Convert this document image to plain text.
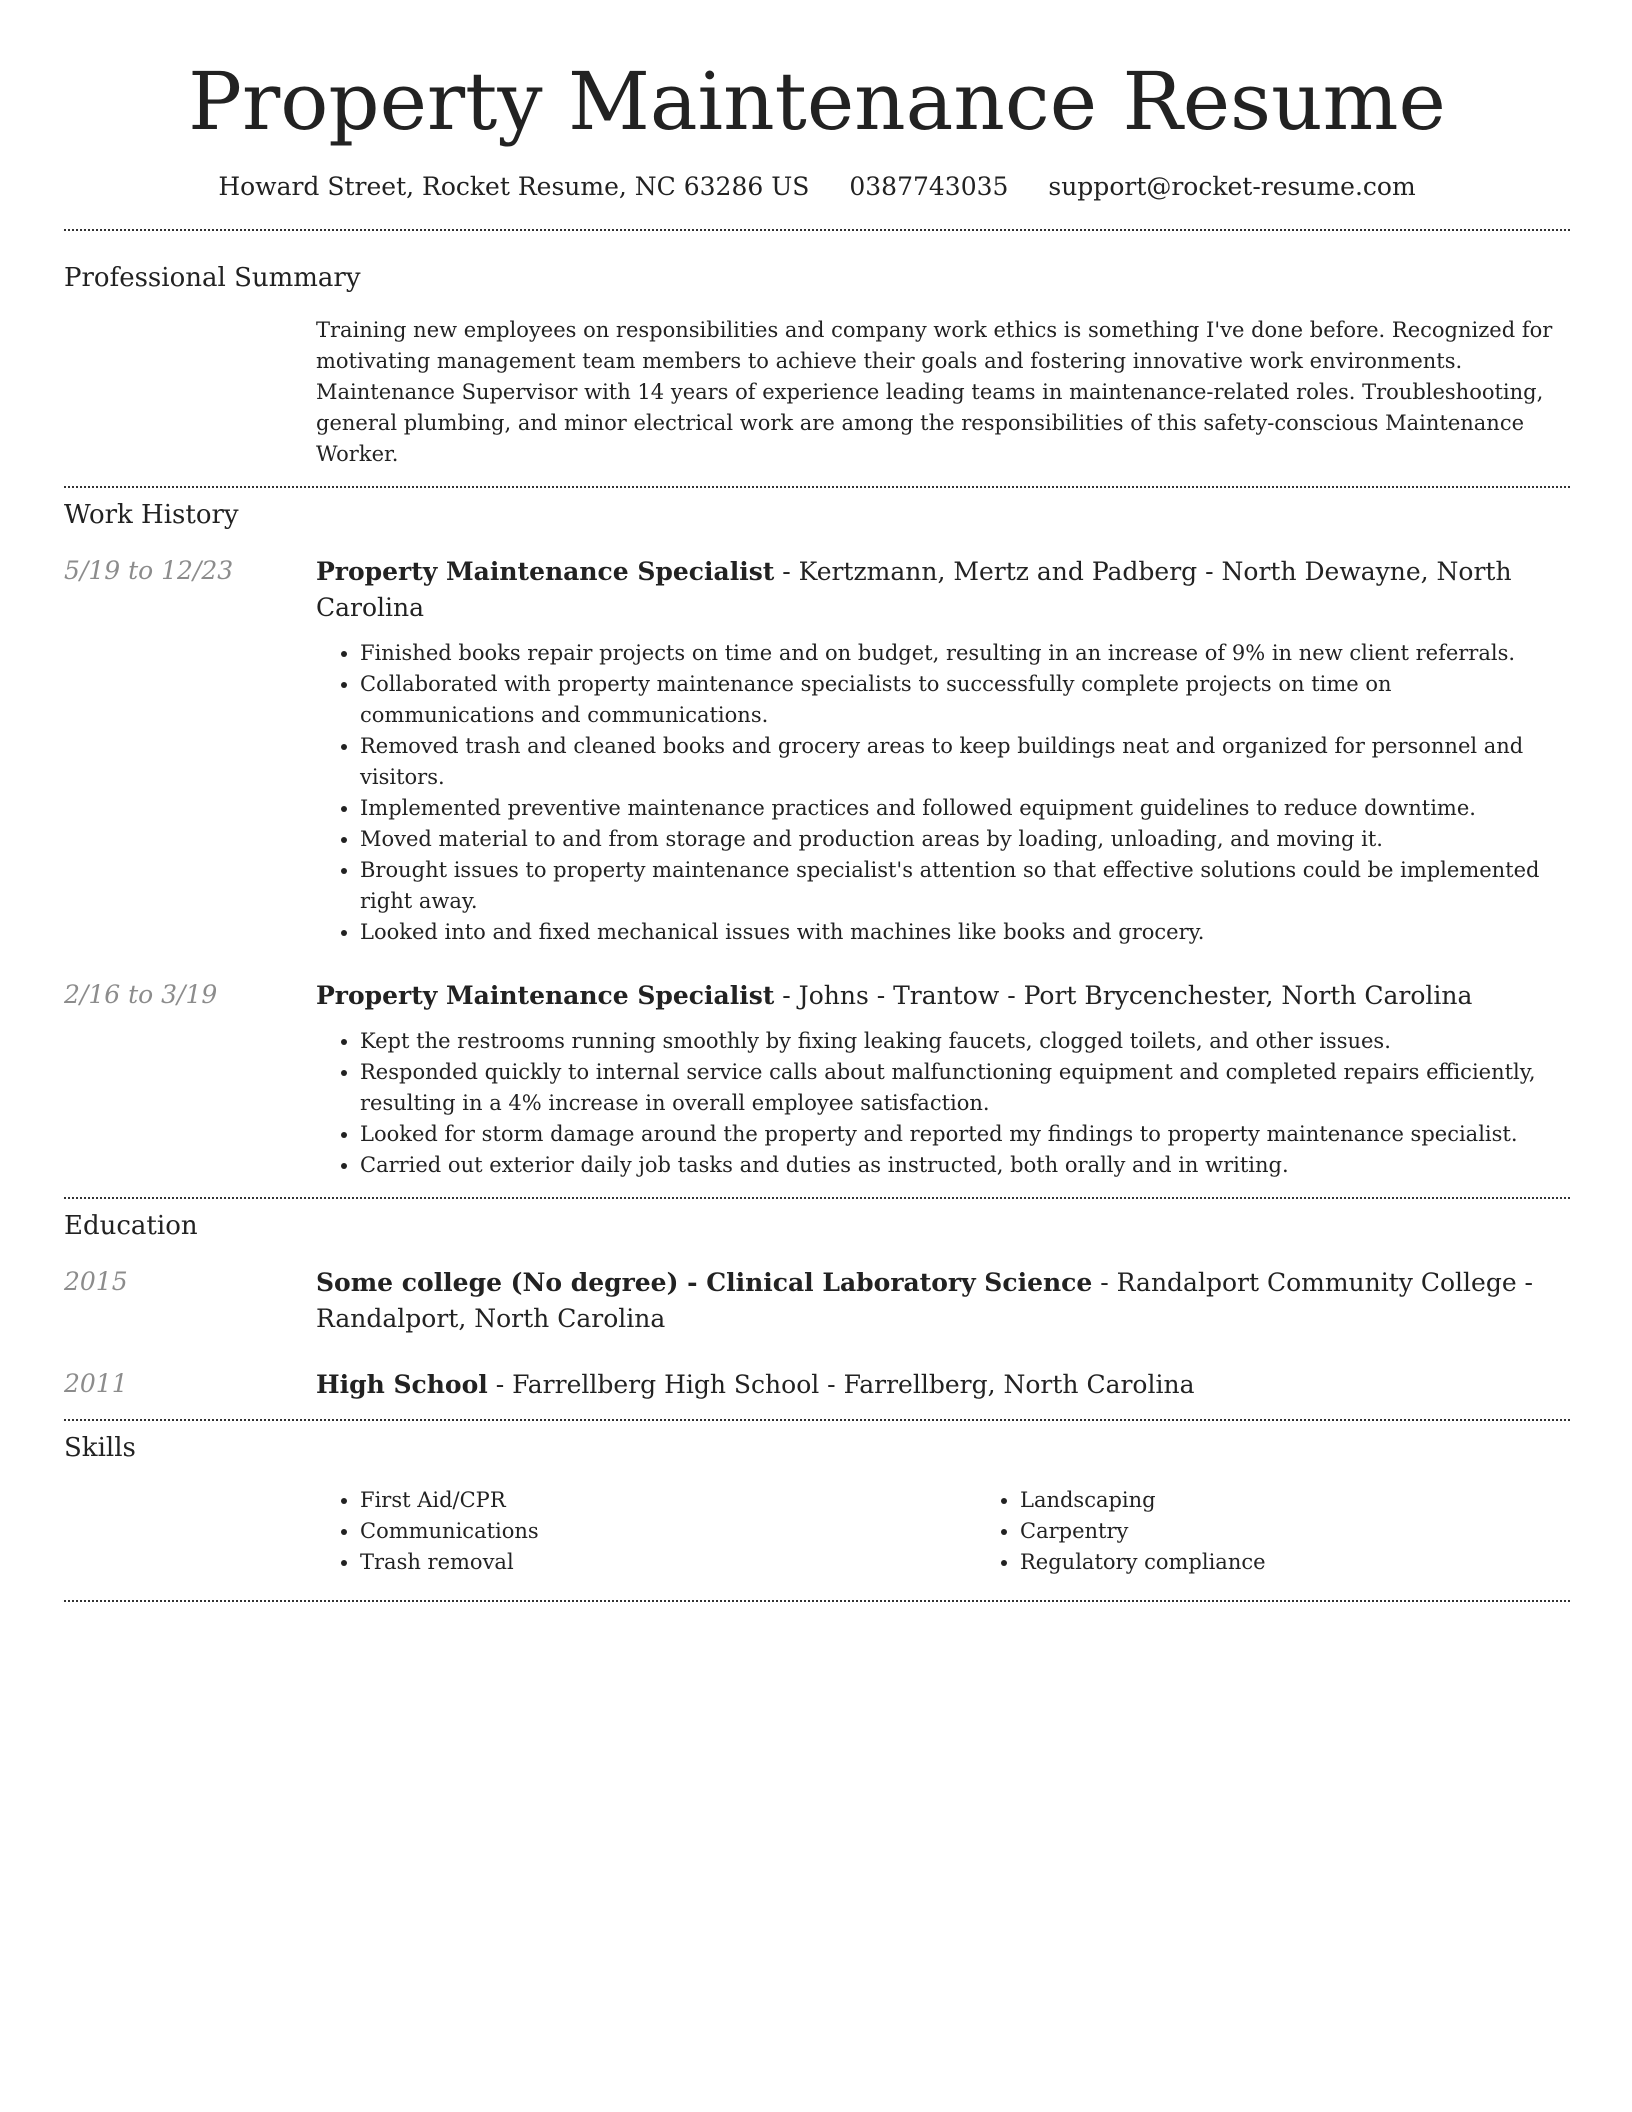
Property Maintenance Resume
Howard Street, Rocket Resume, NC 63286 US 0387743035 support@rocket-resume.com
Professional Summary
Training new employees on responsibilities and company work ethics is something I've done before. Recognized for motivating management team members to achieve their goals and fostering innovative work environments. Maintenance Supervisor with 14 years of experience leading teams in maintenance-related roles. Troubleshooting, general plumbing, and minor electrical work are among the responsibilities of this safety-conscious Maintenance Worker.
Work History
5/19 to 12/23	Property Maintenance Specialist - Kertzmann, Mertz and Padberg - North Dewayne, North Carolina
• Finished books repair projects on time and on budget, resulting in an increase of 9% in new client referrals.
• Collaborated with property maintenance specialists to successfully complete projects on time on communications and communications.
• Removed trash and cleaned books and grocery areas to keep buildings neat and organized for personnel and visitors.
• Implemented preventive maintenance practices and followed equipment guidelines to reduce downtime.
• Moved material to and from storage and production areas by loading, unloading, and moving it.
• Brought issues to property maintenance specialist's attention so that effective solutions could be implemented right away.
• Looked into and fixed mechanical issues with machines like books and grocery.
2/16 to 3/19	Property Maintenance Specialist - Johns - Trantow - Port Brycenchester, North Carolina
• Kept the restrooms running smoothly by fixing leaking faucets, clogged toilets, and other issues.
• Responded quickly to internal service calls about malfunctioning equipment and completed repairs efficiently, resulting in a 4% increase in overall employee satisfaction.
• Looked for storm damage around the property and reported my findings to property maintenance specialist.
• Carried out exterior daily job tasks and duties as instructed, both orally and in writing.
Education
2015	Some college (No degree) - Clinical Laboratory Science - Randalport Community College - Randalport, North Carolina
2011	High School - Farrellberg High School - Farrellberg, North Carolina
Skills
• First Aid/CPR
• Communications
• Trash removal
• Landscaping
• Carpentry
• Regulatory compliance
